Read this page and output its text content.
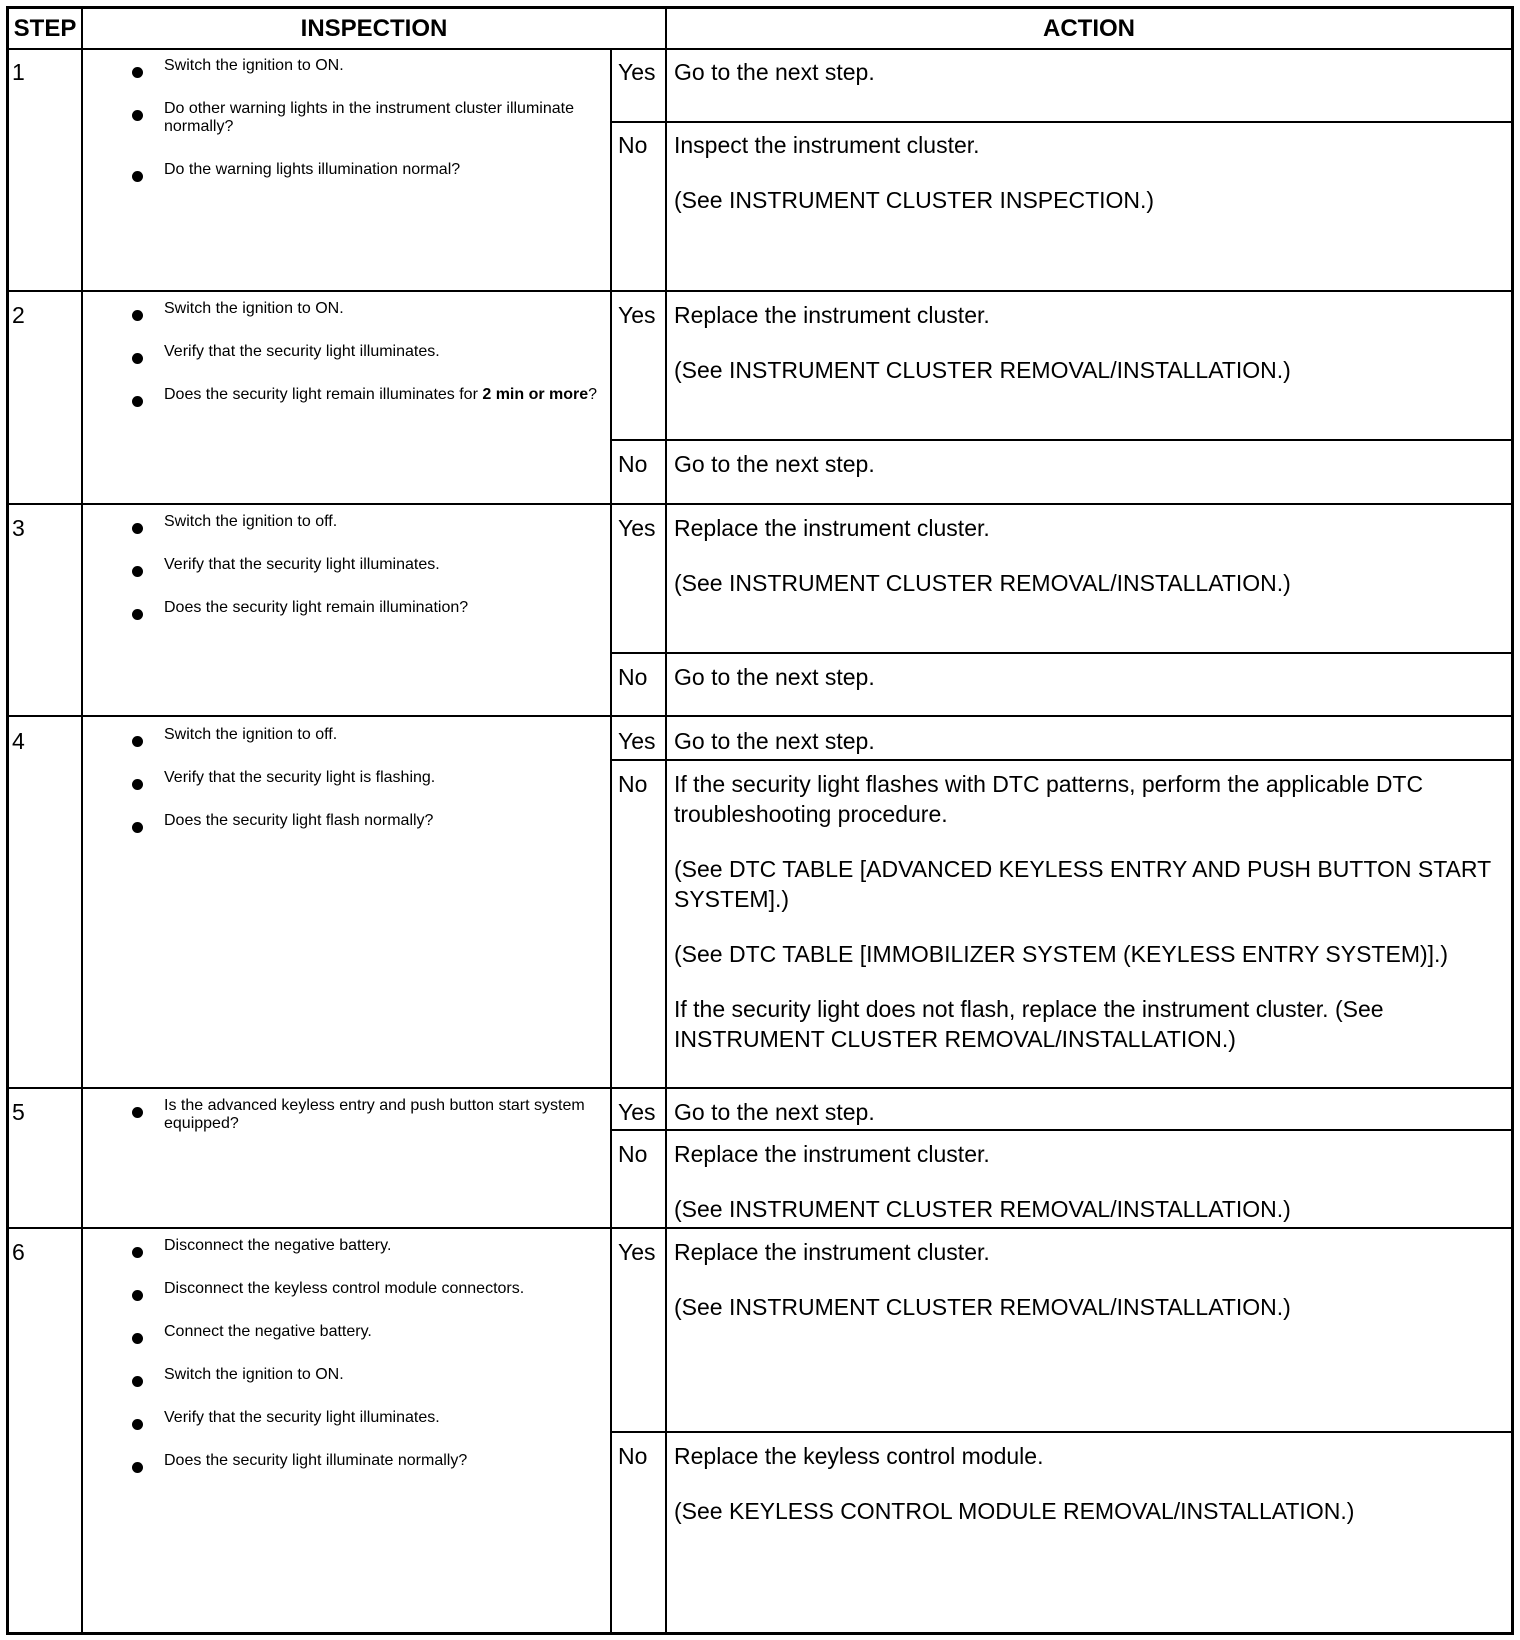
STEP	INSPECTION	ACTION
1	Switch the ignition to ON.
Do other warning lights in the instrument cluster illuminate normally?
Do the warning lights illumination normal?
Yes Go to the next step.

No	Inspect the instrument cluster.

(See INSTRUMENT CLUSTER INSPECTION.)

2	Switch the ignition to ON.
Verify that the security light illuminates.
Does the security light remain illuminates for 2 min or more?
Yes Replace the instrument cluster.

(See INSTRUMENT CLUSTER REMOVAL/INSTALLATION.)

No	Go to the next step.

3	Switch the ignition to off.
Verify that the security light illuminates.
Does the security light remain illumination?
Yes Replace the instrument cluster.

(See INSTRUMENT CLUSTER REMOVAL/INSTALLATION.)

No	Go to the next step.

4	Switch the ignition to off.
Verify that the security light is flashing.
Does the security light flash normally?
Yes Go to the next step.

No	If the security light flashes with DTC patterns, perform the applicable DTC troubleshooting procedure.

(See DTC TABLE [ADVANCED KEYLESS ENTRY AND PUSH BUTTON START SYSTEM].)

(See DTC TABLE [IMMOBILIZER SYSTEM (KEYLESS ENTRY SYSTEM)].)

If the security light does not flash, replace the instrument cluster. (See INSTRUMENT CLUSTER REMOVAL/INSTALLATION.)

5	Is the advanced keyless entry and push button start system equipped?	Yes Go to the next step.

No	Replace the instrument cluster.

(See INSTRUMENT CLUSTER REMOVAL/INSTALLATION.)

6	Disconnect the negative battery.
Disconnect the keyless control module connectors.
Connect the negative battery.
Switch the ignition to ON.
Verify that the security light illuminates.
Does the security light illuminate normally?
Yes Replace the instrument cluster.

(See INSTRUMENT CLUSTER REMOVAL/INSTALLATION.)

No	Replace the keyless control module.

(See KEYLESS CONTROL MODULE REMOVAL/INSTALLATION.)
